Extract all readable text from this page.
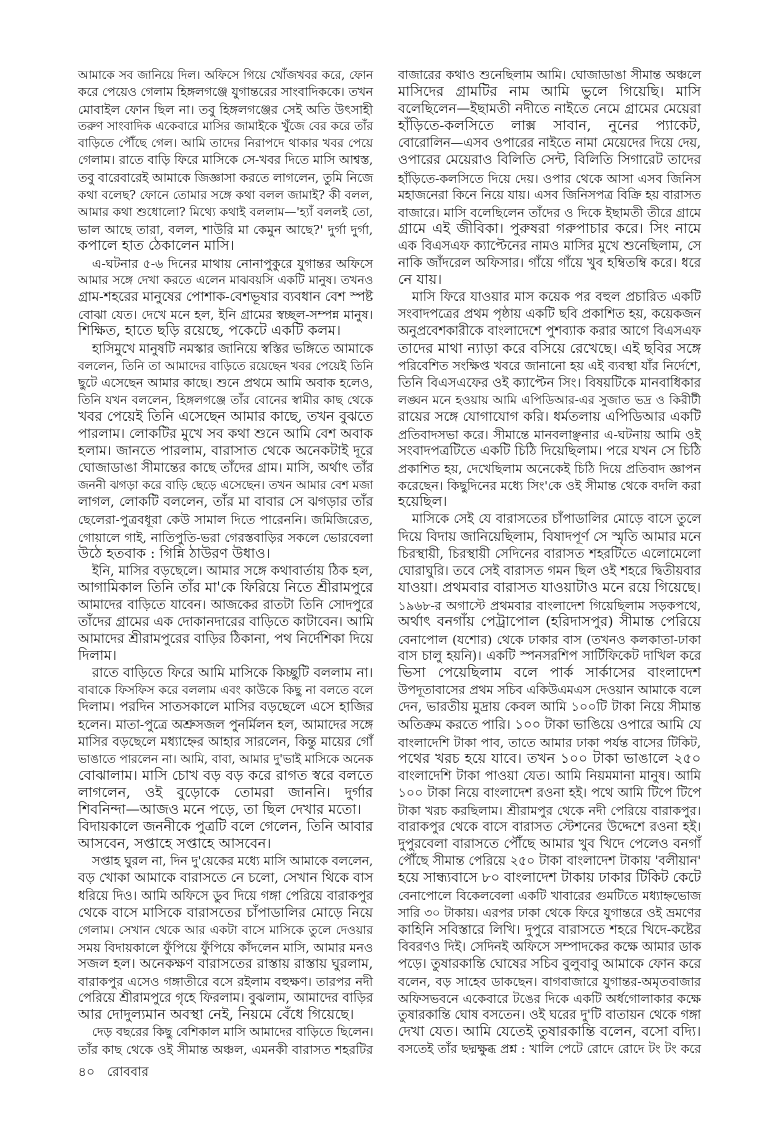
আমাকে সব জানিয়ে দিল। অফিসে গিয়ে খোঁজখবর করে, ফোন
করে পেয়েও গেলাম হিঙ্গলগঞ্জে যুগান্তরের সাংবাদিককে। তখন
মোবাইল ফোন ছিল না। তবু হিঙ্গলগঞ্জের সেই অতি উৎসাহী
তরুণ সাংবাদিক একেবারে মাসির জামাইকে খুঁজে বের করে তাঁর
বাড়িতে পৌঁছে গেল। আমি তাদের নিরাপদে থাকার খবর পেয়ে
গেলাম। রাতে বাড়ি ফিরে মাসিকে সে-খবর দিতে মাসি আশ্বস্ত,
তবু বারেবারেই আমাকে জিজ্ঞাসা করতে লাগলেন, তুমি নিজে
কথা বলেছ? ফোনে তোমার সঙ্গে কথা বলল জামাই? কী বলল,
আমার কথা শুধোলো? মিথ্যে কথাই বললাম—'হ্যাঁ বললই তো,
ভাল আছে তারা, বলল, শাউরি মা কেমুন আছে?' দুর্গা দুর্গা,
কপালে হাত ঠেকালেন মাসি।
এ-ঘটনার ৫-৬ দিনের মাথায় নোনাপুকুরে যুগান্তর অফিসে
আমার সঙ্গে দেখা করতে এলেন মাঝবয়সি একটি মানুষ। তখনও
গ্রাম-শহরের মানুষের পোশাক-বেশভূষার ব্যবধান বেশ স্পষ্ট
বোঝা যেত। দেখে মনে হল, ইনি গ্রামের স্বচ্ছল-সম্পন্ন মানুষ।
শিক্ষিত, হাতে ছড়ি রয়েছে, পকেটে একটি কলম।
হাসিমুখে মানুষটি নমস্কার জানিয়ে স্বস্তির ভঙ্গিতে আমাকে
বললেন, তিনি তা আমাদের বাড়িতে রয়েছেন খবর পেয়েই তিনি
ছুটে এসেছেন আমার কাছে। শুনে প্রথমে আমি অবাক হলেও,
তিনি যখন বললেন, হিঙ্গলগঞ্জে তাঁর বোনের স্বামীর কাছ থেকে
খবর পেয়েই তিনি এসেছেন আমার কাছে, তখন বুঝতে
পারলাম। লোকটির মুখে সব কথা শুনে আমি বেশ অবাক
হলাম। জানতে পারলাম, বারাসাত থেকে অনেকটাই দূরে
ঘোজাডাঙা সীমান্তের কাছে তাঁদের গ্রাম। মাসি, অর্থাৎ তাঁর
জননী ঝগড়া করে বাড়ি ছেড়ে এসেছেন। তখন আমার বেশ মজা
লাগল, লোকটি বললেন, তাঁর মা বাবার সে ঝগড়ার তাঁর
ছেলেরা-পুত্রবধূরা কেউ সামাল দিতে পারেননি। জমিজিরেত,
গোয়ালে গাই, নাতিপুতি-ভরা গেরস্তবাড়ির সকলে ভোরবেলা
উঠে হতবাক : গিন্নি ঠাউরণ উধাও।
ইনি, মাসির বড়ছেলে। আমার সঙ্গে কথাবার্তায় ঠিক হল,
আগামিকাল তিনি তাঁর মা'কে ফিরিয়ে নিতে শ্রীরামপুরে
আমাদের বাড়িতে যাবেন। আজকের রাতটা তিনি সোদপুরে
তাঁদের গ্রামের এক দোকানদারের বাড়িতে কাটাবেন। আমি
আমাদের শ্রীরামপুরের বাড়ির ঠিকানা, পথ নির্দেশিকা দিয়ে
দিলাম।
রাতে বাড়িতে ফিরে আমি মাসিকে কিচ্ছুটি বললাম না।
বাবাকে ফিসফিস করে বললাম এবং কাউকে কিছু না বলতে বলে
দিলাম। পরদিন সাতসকালে মাসির বড়ছেলে এসে হাজির
হলেন। মাতা-পুত্রে অশ্রুসজল পুনর্মিলন হল, আমাদের সঙ্গে
মাসির বড়ছেলে মধ্যাহ্নের আহার সারলেন, কিন্তু মায়ের গোঁ
ভাঙাতে পারলেন না। আমি, বাবা, আমার দু'ভাই মাসিকে অনেক
বোঝালাম। মাসি চোখ বড় বড় করে রাগত স্বরে বলতে
লাগলেন, ওই বুড়োকে তোমরা জাননি। দুর্গার
শিবনিন্দা—আজও মনে পড়ে, তা ছিল দেখার মতো।
বিদায়কালে জননীকে পুত্রটি বলে গেলেন, তিনি আবার
আসবেন, সপ্তাহে সপ্তাহে আসবেন।
সপ্তাহ ঘুরল না, দিন দু'য়েকের মধ্যে মাসি আমাকে বললেন,
বড় খোকা আমাকে বারাসতে নে চলো, সেখান থিকে বাস
ধরিয়ে দিও। আমি অফিসে ডুব দিয়ে গঙ্গা পেরিয়ে বারাকপুর
থেকে বাসে মাসিকে বারাসতের চাঁপাডালির মোড়ে নিয়ে
গেলাম। সেখান থেকে আর একটা বাসে মাসিকে তুলে দেওয়ার
সময় বিদায়কালে ফুঁপিয়ে ফুঁপিয়ে কাঁদলেন মাসি, আমার মনও
সজল হল। অনেকক্ষণ বারাসতের রাস্তায় রাস্তায় ঘুরলাম,
বারাকপুর এসেও গঙ্গাতীরে বসে রইলাম বহুক্ষণ। তারপর নদী
পেরিয়ে শ্রীরামপুরে গৃহে ফিরলাম। বুঝলাম, আমাদের বাড়ির
আর দোদুল্যমান অবস্থা নেই, নিয়মে বেঁধে গিয়েছে।
দেড় বছরের কিছু বেশিকাল মাসি আমাদের বাড়িতে ছিলেন।
তাঁর কাছ থেকে ওই সীমান্ত অঞ্চল, এমনকী বারাসত শহরটির
বাজারের কথাও শুনেছিলাম আমি। ঘোজাডাঙা সীমান্ত অঞ্চলে
মাসিদের গ্রামটির নাম আমি ভুলে গিয়েছি। মাসি
বলেছিলেন—ইছামতী নদীতে নাইতে নেমে গ্রামের মেয়েরা
হাঁড়িতে-কলসিতে লাক্স সাবান, নুনের প্যাকেট,
বোরোলিন—এসব ওপারের নাইতে নামা মেয়েদের দিয়ে দেয়,
ওপারের মেয়েরাও বিলিতি সেন্ট, বিলিতি সিগারেট তাদের
হাঁড়িতে-কলসিতে দিয়ে দেয়। ওপার থেকে আসা এসব জিনিস
মহাজনেরা কিনে নিয়ে যায়। এসব জিনিসপত্র বিক্রি হয় বারাসত
বাজারে। মাসি বলেছিলেন তাঁদের ও দিকে ইছামতী তীরে গ্রামে
গ্রামে এই জীবিকা। পুরুষরা গরুপাচার করে। সিং নামে
এক বিএসএফ ক্যাপ্টেনের নামও মাসির মুখে শুনেছিলাম, সে
নাকি জাঁদরেল অফিসার। গাঁয়ে গাঁয়ে খুব হম্বিতম্বি করে। ধরে
নে যায়।
মাসি ফিরে যাওয়ার মাস কয়েক পর বহুল প্রচারিত একটি
সংবাদপত্রের প্রথম পৃষ্ঠায় একটি ছবি প্রকাশিত হয়, কয়েকজন
অনুপ্রবেশকারীকে বাংলাদেশে পুশব্যাক করার আগে বিএসএফ
তাদের মাথা ন্যাড়া করে বসিয়ে রেখেছে। এই ছবির সঙ্গে
পরিবেশিত সংক্ষিপ্ত খবরে জানানো হয় এই ব্যবস্থা যাঁর নির্দেশে,
তিনি বিএসএফের ওই ক্যাপ্টেন সিং। বিষয়টিকে মানবাধিকার
লঙ্ঘন মনে হওয়ায় আমি এপিডিআর-এর সুজাত ভদ্র ও কিরীটী
রায়ের সঙ্গে যোগাযোগ করি। ধর্মতলায় এপিডিআর একটি
প্রতিবাদসভা করে। সীমান্তে মানবলাঞ্ছনার এ-ঘটনায় আমি ওই
সংবাদপত্রটিতে একটি চিঠি দিয়েছিলাম। পরে যখন সে চিঠি
প্রকাশিত হয়, দেখেছিলাম অনেকেই চিঠি দিয়ে প্রতিবাদ জ্ঞাপন
করেছেন। কিছুদিনের মধ্যে সিং'কে ওই সীমান্ত থেকে বদলি করা
হয়েছিল।
মাসিকে সেই যে বারাসতের চাঁপাডালির মোড়ে বাসে তুলে
দিয়ে বিদায় জানিয়েছিলাম, বিষাদপূর্ণ সে স্মৃতি আমার মনে
চিরস্থায়ী, চিরস্থায়ী সেদিনের বারাসত শহরটিতে এলোমেলো
ঘোরাঘুরি। তবে সেই বারাসত গমন ছিল ওই শহরে দ্বিতীয়বার
যাওয়া। প্রথমবার বারাসত যাওয়াটাও মনে রয়ে গিয়েছে।
১৯৬৮-র অগাস্টে প্রথমবার বাংলাদেশ গিয়েছিলাম সড়কপথে,
অর্থাৎ বনগাঁয় পেট্রাপোল (হরিদাসপুর) সীমান্ত পেরিয়ে
বেনাপোল (যশোর) থেকে ঢাকার বাস (তখনও কলকাতা-ঢাকা
বাস চালু হয়নি)। একটি স্পনসরশিপ সার্টিফিকেট দাখিল করে
ভিসা পেয়েছিলাম বলে পার্ক সার্কাসের বাংলাদেশ
উপদূতাবাসের প্রথম সচিব একিউএমএস দেওয়ান আমাকে বলে
দেন, ভারতীয় মুদ্রায় কেবল আমি ১০০টি টাকা নিয়ে সীমান্ত
অতিক্রম করতে পারি। ১০০ টাকা ভাঙিয়ে ওপারে আমি যে
বাংলাদেশি টাকা পাব, তাতে আমার ঢাকা পর্যন্ত বাসের টিকিট,
পথের খরচ হয়ে যাবে। তখন ১০০ টাকা ভাঙালে ২৫০
বাংলাদেশি টাকা পাওয়া যেত। আমি নিয়মমানা মানুষ। আমি
১০০ টাকা নিয়ে বাংলাদেশ রওনা হই। পথে আমি টিপে টিপে
টাকা খরচ করছিলাম। শ্রীরামপুর থেকে নদী পেরিয়ে বারাকপুর।
বারাকপুর থেকে বাসে বারাসত স্টেশনের উদ্দেশে রওনা হই।
দুপুরবেলা বারাসতে পৌঁছে আমার খুব খিদে পেলেও বনগাঁ
পৌঁছে সীমান্ত পেরিয়ে ২৫০ টাকা বাংলাদেশ টাকায় 'বলীয়ান'
হয়ে সান্ধ্যবাসে ৮০ বাংলাদেশ টাকায় ঢাকার টিকিট কেটে
বেনাপোলে বিকেলবেলা একটি খাবারের গুমটিতে মধ্যাহ্নভোজ
সারি ৩০ টাকায়। এরপর ঢাকা থেকে ফিরে যুগান্তরে ওই ভ্রমণের
কাহিনি সবিস্তারে লিখি। দুপুরে বারাসতে শহরে খিদে-কষ্টের
বিবরণও দিই। সেদিনই অফিসে সম্পাদকের কক্ষে আমার ডাক
পড়ে। তুষারকান্তি ঘোষের সচিব বুলুবাবু আমাকে ফোন করে
বলেন, বড় সাহেব ডাকছেন। বাগবাজারে যুগান্তর-অমৃতবাজার
অফিসভবনে একেবারে টঙের দিকে একটি অর্ধগোলাকার কক্ষে
তুষারকান্তি ঘোষ বসতেন। ওই ঘরের দু'টি বাতায়ন থেকে গঙ্গা
দেখা যেত। আমি যেতেই তুষারকান্তি বলেন, বসো বদ্যি।
বসতেই তাঁর ছদ্মক্ষুব্ধ প্রশ্ন : খালি পেটে রোদে রোদে টং টং করে
৪০ রোববার
